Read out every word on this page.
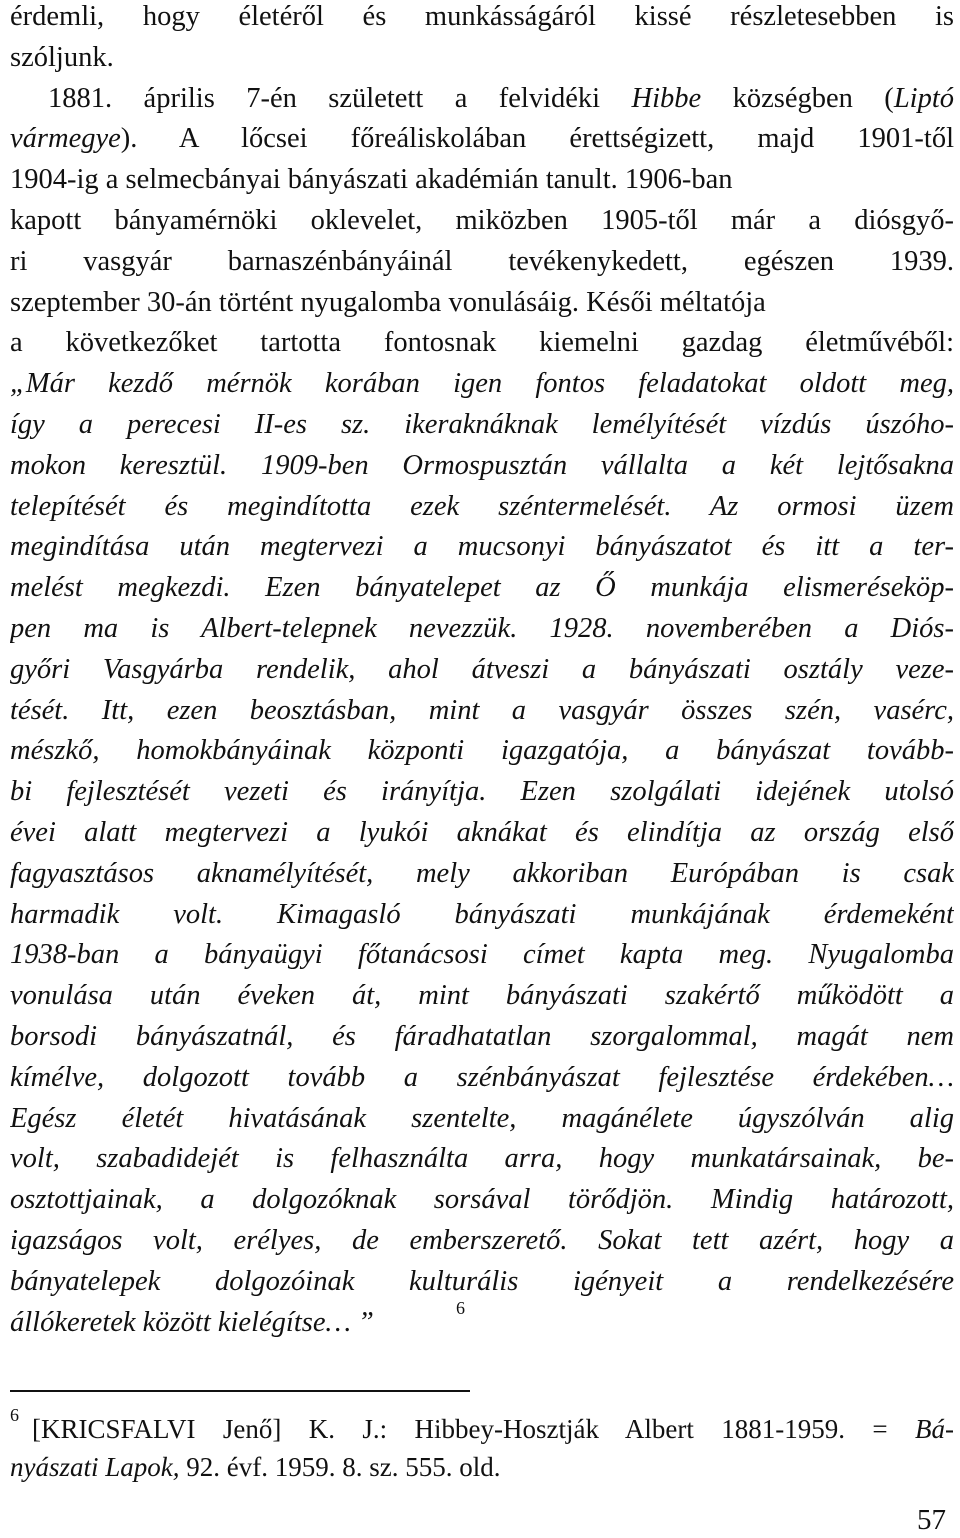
érdemli, hogy életéről és munkásságáról kissé részletesebben is
szóljunk.
1881. április 7-én született a felvidéki Hibbe községben (Liptó
vármegye). A lőcsei főreáliskolában érettségizett, majd 1901-től
1904-ig a selmecbányai bányászati akadémián tanult. 1906-ban
kapott bányamérnöki oklevelet, miközben 1905-től már a diósgyő-
ri vasgyár barnaszénbányáinál tevékenykedett, egészen 1939.
szeptember 30-án történt nyugalomba vonulásáig. Késői méltatója
a következőket tartotta fontosnak kiemelni gazdag életművéből:
„Már kezdő mérnök korában igen fontos feladatokat oldott meg,
így a perecesi II-es sz. ikeraknáknak lemélyítését vízdús úszóho-
mokon keresztül. 1909-ben Ormospusztán vállalta a két lejtősakna
telepítését és megindította ezek széntermelését. Az ormosi üzem
megindítása után megtervezi a mucsonyi bányászatot és itt a ter-
melést megkezdi. Ezen bányatelepet az Ő munkája elismeréseköp-
pen ma is Albert-telepnek nevezzük. 1928. novemberében a Diós-
győri Vasgyárba rendelik, ahol átveszi a bányászati osztály veze-
tését. Itt, ezen beosztásban, mint a vasgyár összes szén, vasérc,
mészkő, homokbányáinak központi igazgatója, a bányászat tovább-
bi fejlesztését vezeti és irányítja. Ezen szolgálati idejének utolsó
évei alatt megtervezi a lyukói aknákat és elindítja az ország első
fagyasztásos aknamélyítését, mely akkoriban Európában is csak
harmadik volt. Kimagasló bányászati munkájának érdemeként
1938-ban a bányaügyi főtanácsosi címet kapta meg. Nyugalomba
vonulása után éveken át, mint bányászati szakértő működött a
borsodi bányászatnál, és fáradhatatlan szorgalommal, magát nem
kímélve, dolgozott tovább a szénbányászat fejlesztése érdekében…
Egész életét hivatásának szentelte, magánélete úgyszólván alig
volt, szabadidejét is felhasználta arra, hogy munkatársainak, be-
osztottjainak, a dolgozóknak sorsával törődjön. Mindig határozott,
igazságos volt, erélyes, de emberszerető. Sokat tett azért, hogy a
bányatelepek dolgozóinak kulturális igényeit a rendelkezésére
állókeretek között kielégítse… ”	6
6 [KRICSFALVI Jenő] K. J.: Hibbey-Hosztják Albert 1881-1959. = Bá-
nyászati Lapok, 92. évf. 1959. 8. sz. 555. old.
57
